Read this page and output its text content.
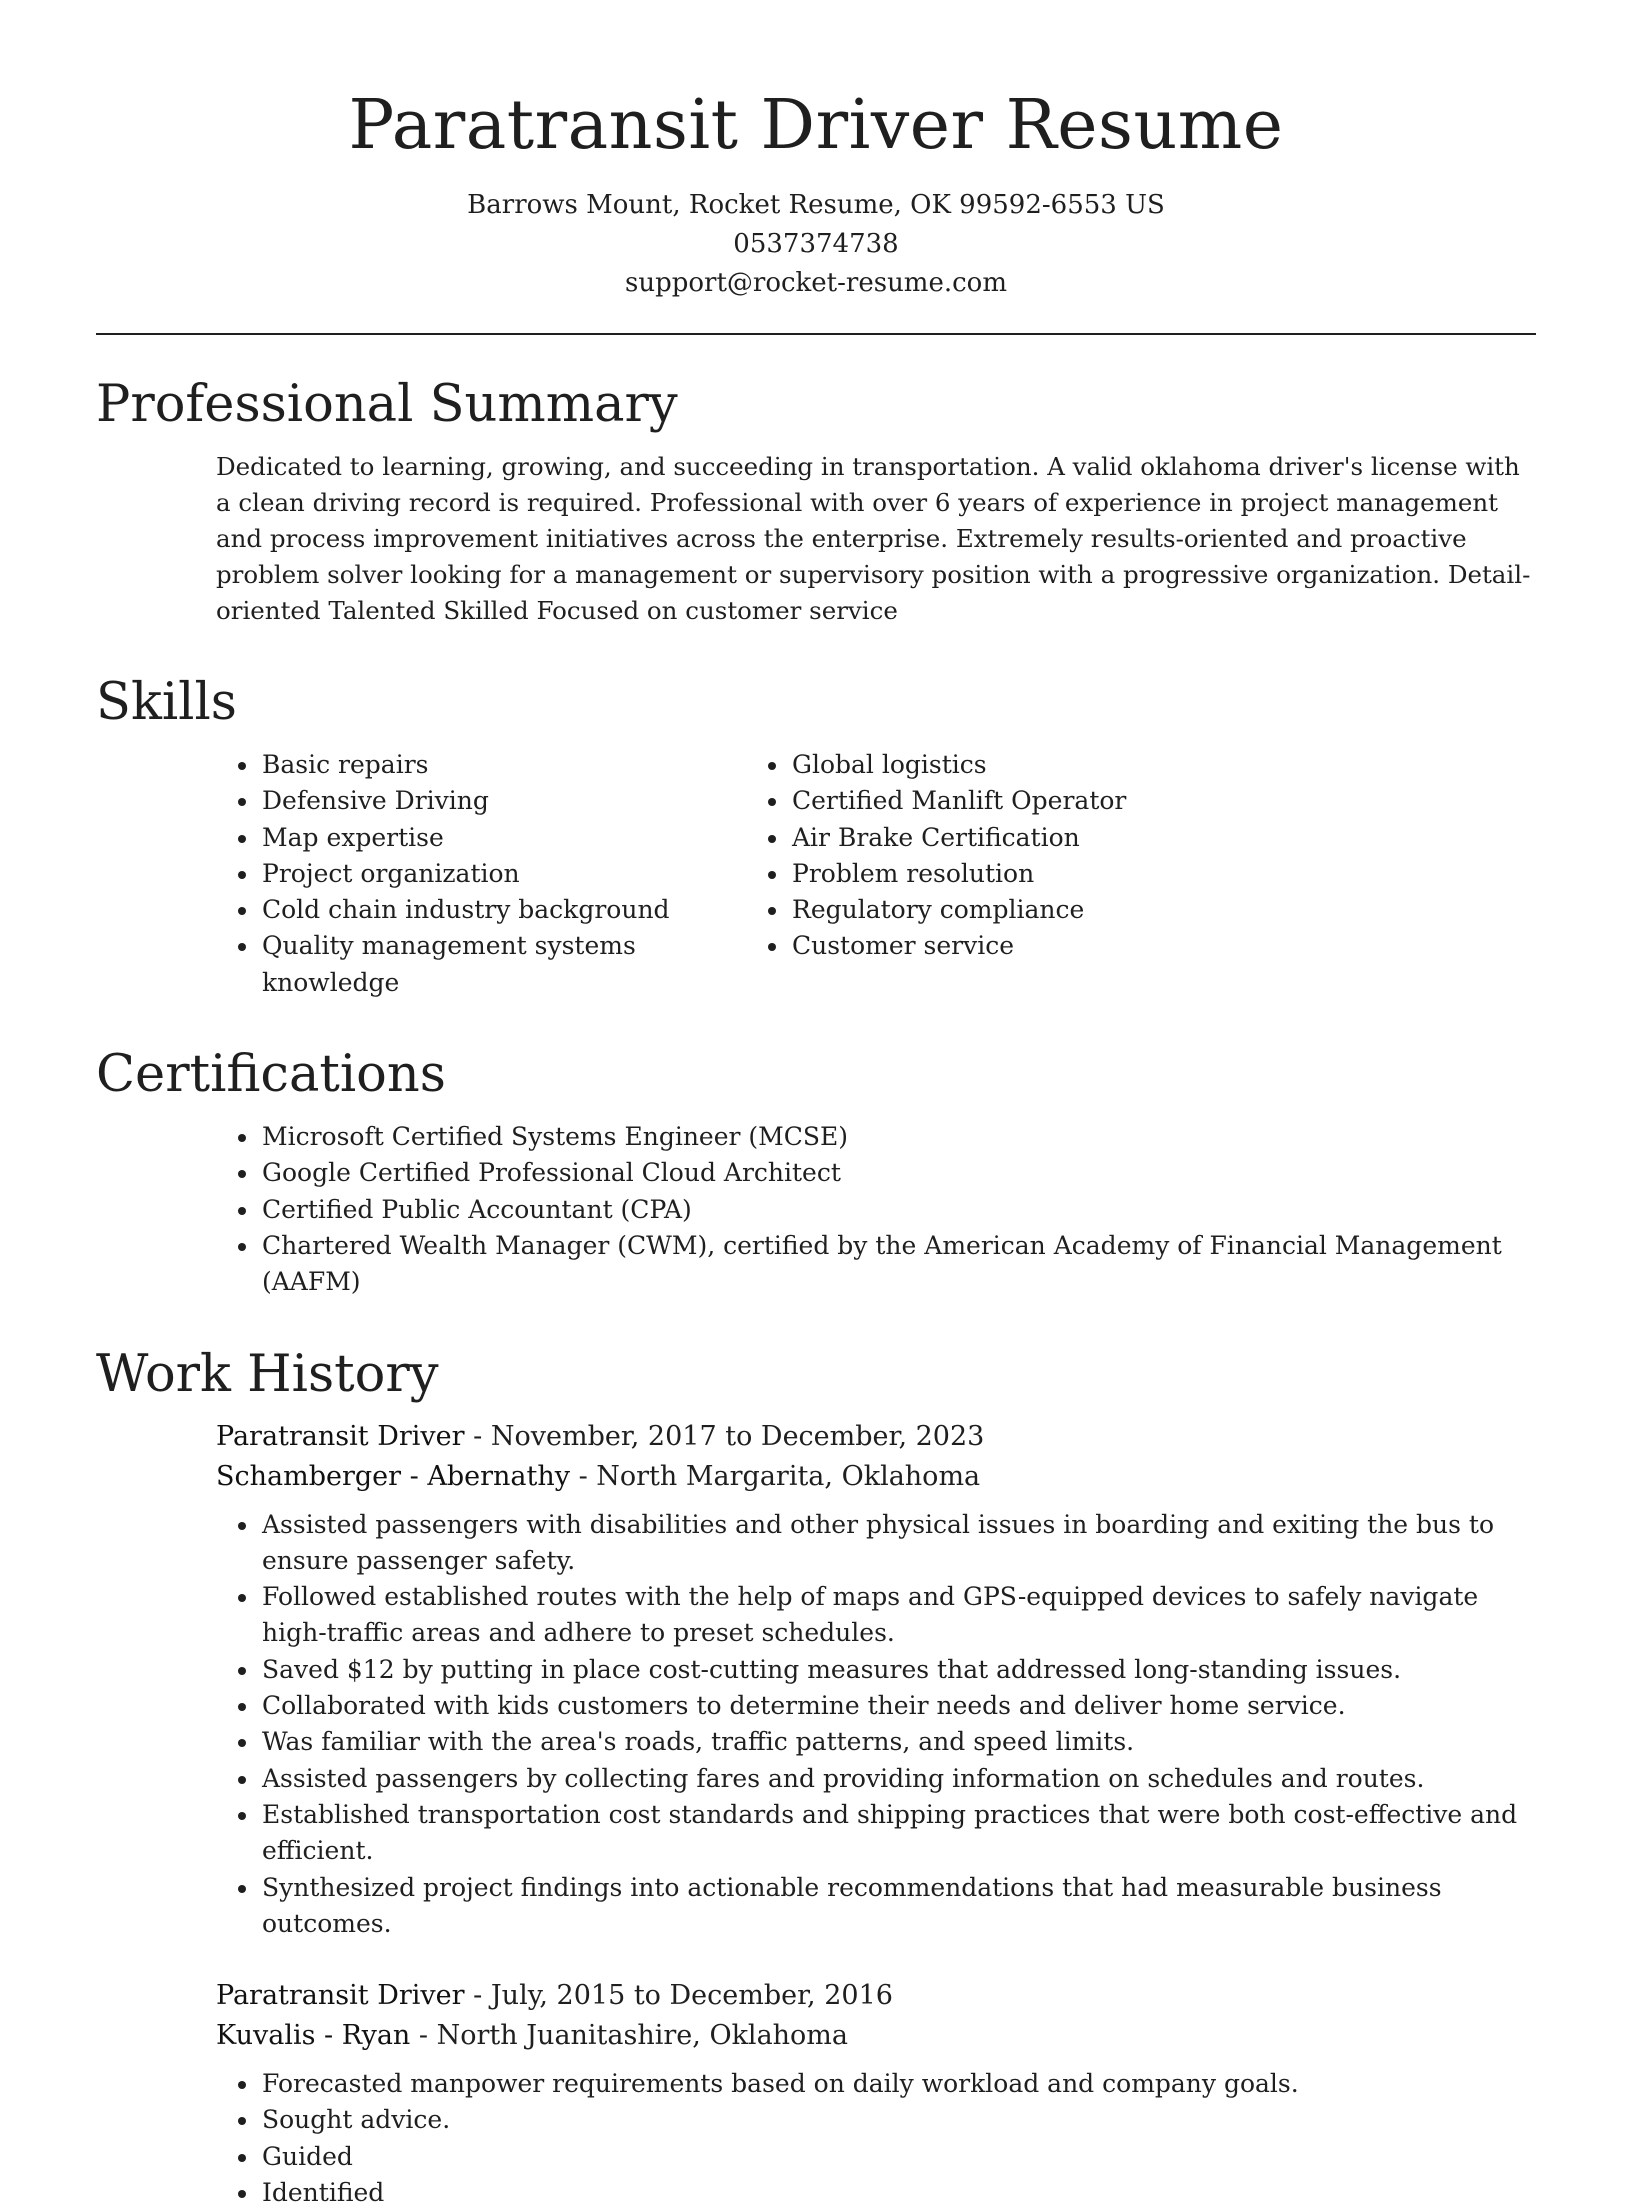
Paratransit Driver Resume
Barrows Mount, Rocket Resume, OK 99592-6553 US
0537374738
support@rocket-resume.com
Professional Summary

Dedicated to learning, growing, and succeeding in transportation. A valid oklahoma driver's license with a clean driving record is required. Professional with over 6 years of experience in project management and process improvement initiatives across the enterprise. Extremely results-oriented and proactive problem solver looking for a management or supervisory position with a progressive organization. Detail-oriented Talented Skilled Focused on customer service

Skills
• Basic repairs
• Defensive Driving
• Map expertise
• Project organization
• Cold chain industry background
• Quality management systems knowledge
• Global logistics
• Certified Manlift Operator
• Air Brake Certification
• Problem resolution
• Regulatory compliance
• Customer service
Certifications
• Microsoft Certified Systems Engineer (MCSE)
• Google Certified Professional Cloud Architect
• Certified Public Accountant (CPA)
• Chartered Wealth Manager (CWM), certified by the American Academy of Financial Management (AAFM)
Work History
Paratransit Driver - November, 2017 to December, 2023
Schamberger - Abernathy - North Margarita, Oklahoma
• Assisted passengers with disabilities and other physical issues in boarding and exiting the bus to ensure passenger safety.
• Followed established routes with the help of maps and GPS-equipped devices to safely navigate high-traffic areas and adhere to preset schedules.
• Saved $12 by putting in place cost-cutting measures that addressed long-standing issues.
• Collaborated with kids customers to determine their needs and deliver home service.
• Was familiar with the area's roads, traffic patterns, and speed limits.
• Assisted passengers by collecting fares and providing information on schedules and routes.
• Established transportation cost standards and shipping practices that were both cost-effective and efficient.
• Synthesized project findings into actionable recommendations that had measurable business outcomes.
Paratransit Driver - July, 2015 to December, 2016
Kuvalis - Ryan - North Juanitashire, Oklahoma
• Forecasted manpower requirements based on daily workload and company goals.
• Sought advice.
• Guided
• Identified
